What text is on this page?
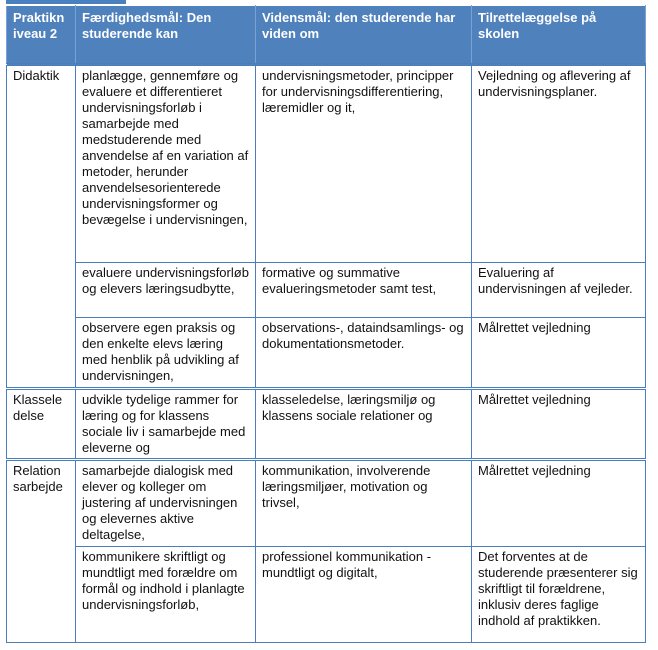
Praktikn
iveau 2	Færdighedsmål: Den studerende kan	Vidensmål: den studerende har viden om	Tilrettelæggelse på skolen
Didaktik	planlægge, gennemføre og evaluere et differentieret undervisningsforløb i samarbejde med medstuderende med anvendelse af en variation af metoder, herunder anvendelsesorienterede undervisningsformer og bevægelse i undervisningen,	undervisningsmetoder, principper for undervisningsdifferentiering, læremidler og it,	Vejledning og aflevering af undervisningsplaner.
	evaluere undervisningsforløb og elevers læringsudbytte,	formative og summative evalueringsmetoder samt test,	Evaluering af undervisningen af vejleder.
	observere egen praksis og den enkelte elevs læring med henblik på udvikling af undervisningen,	observations-, dataindsamlings- og dokumentationsmetoder.	Målrettet vejledning
Klassele
delse	udvikle tydelige rammer for læring og for klassens sociale liv i samarbejde med eleverne og	klasseledelse, læringsmiljø og klassens sociale relationer og	Målrettet vejledning
Relation
sarbejde	samarbejde dialogisk med elever og kolleger om justering af undervisningen og elevernes aktive deltagelse,	kommunikation, involverende læringsmiljøer, motivation og trivsel,	Målrettet vejledning
	kommunikere skriftligt og mundtligt med forældre om formål og indhold i planlagte undervisningsforløb,	professionel kommunikation - mundtligt og digitalt,	Det forventes at de studerende præsenterer sig skriftligt til forældrene, inklusiv deres faglige indhold af praktikken.
